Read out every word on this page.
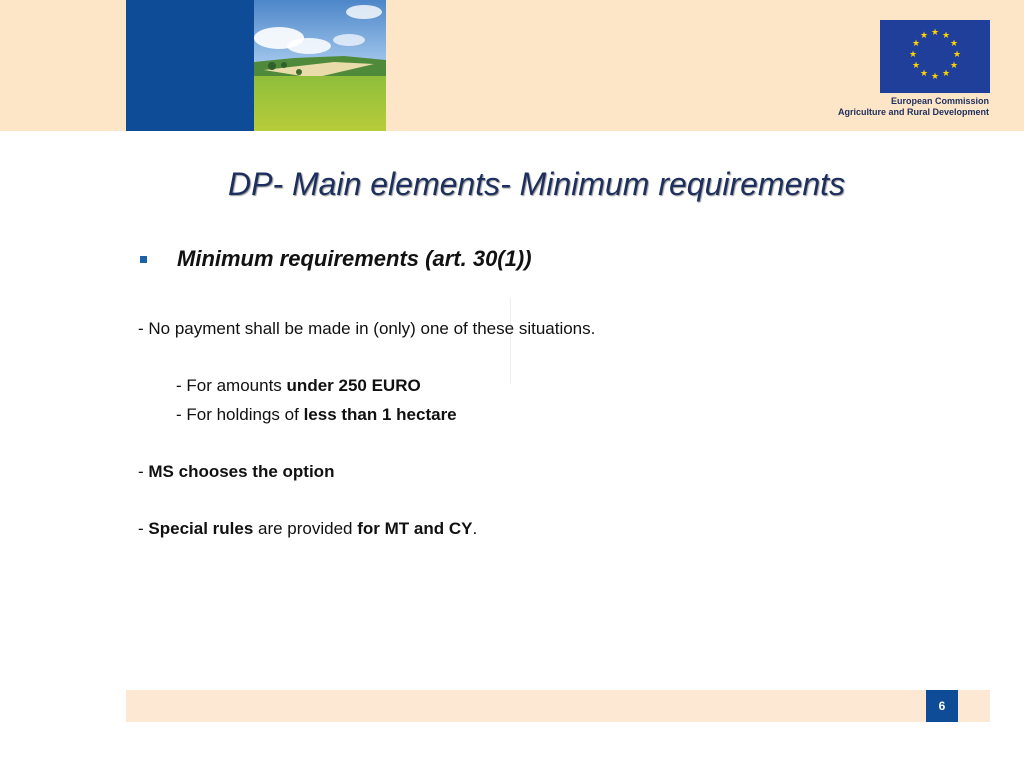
★ ★
★
★
★
★
★
★
★
★
★
★
European Commission
Agriculture and Rural Development
DP- Main elements- Minimum requirements
Minimum requirements (art. 30(1))
- No payment shall be made in (only) one of these situations.
- For amounts under 250 EURO
- For holdings of less than 1 hectare
- MS chooses the option
- Special rules are provided for MT and CY.
6
